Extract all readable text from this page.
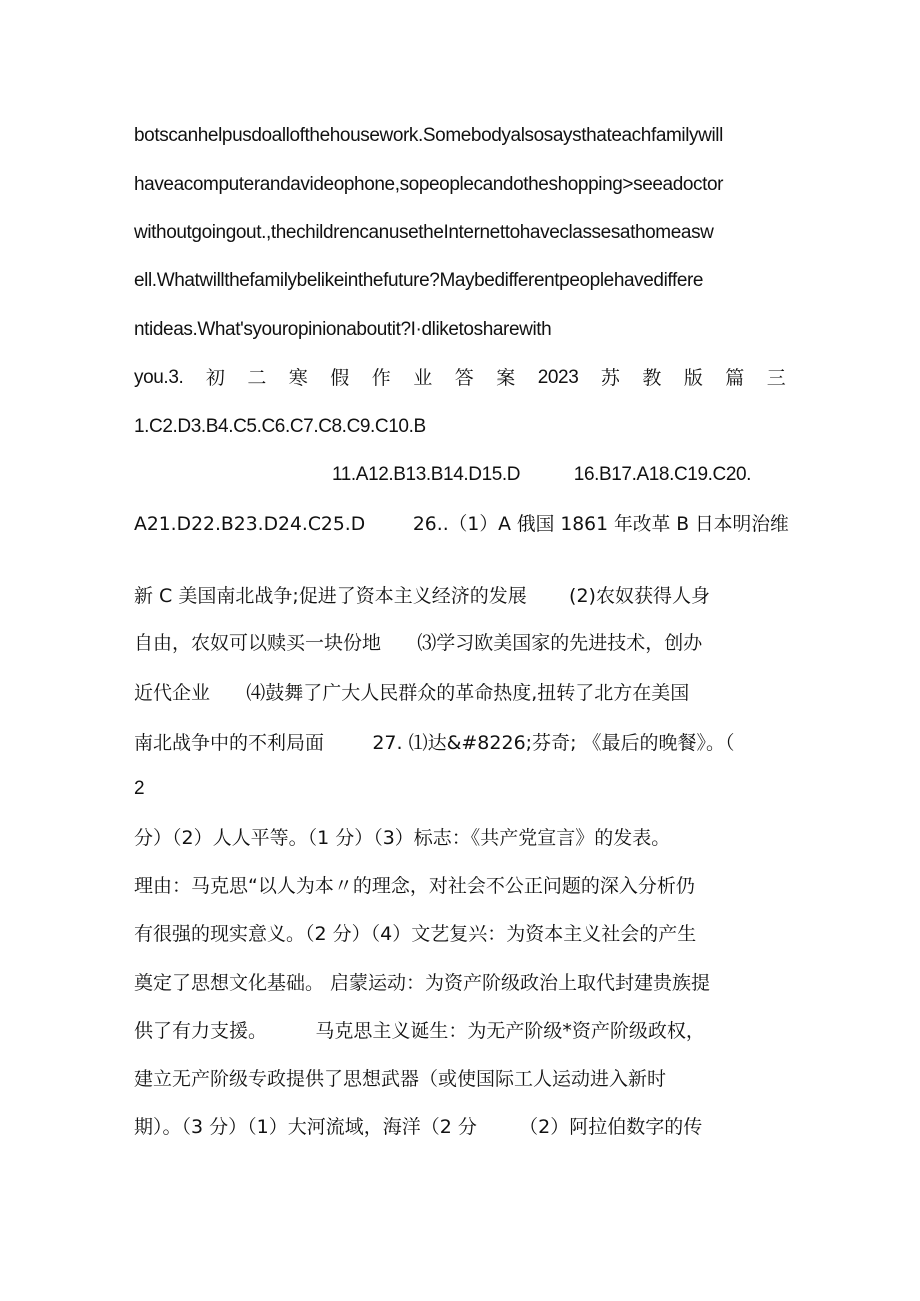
botscanhelpusdoallofthehousework.Somebodyalsosaysthateachfamilywill

haveacomputerandavideophone,sopeoplecandotheshopping>seeadoctor

withoutgoingout.,thechildrencanusetheInternettohaveclassesathomeasw

ell.Whatwillthefamilybelikeinthefuture?Maybedifferentpeoplehavediffere

ntideas.What'syouropinionaboutit?I·dliketosharewith

you.3. 初 二 寒 假 作 业 答 案 2023 苏 教 版 篇 三

1.C2.D3.B4.C5.C6.C7.C8.C9.C10.B

11.A12.B13.B14.D15.D           16.B17.A18.C19.C20.

A21.D22.B23.D24.C25.D        26..（1）A 俄国 1861 年改革 B 日本明治维

新 C 美国南北战争;促进了资本主义经济的发展       (2)农奴获得人身

自由，农奴可以赎买一块份地      ⑶学习欧美国家的先进技术，创办

近代企业      ⑷鼓舞了广大人民群众的革命热度,扭转了北方在美国

南北战争中的不利局面        27. ⑴达&#8226;芬奇; 《最后的晚餐》。（

2

分）（2）人人平等。（1 分）（3）标志：《共产党宣言》的发表。

理由：马克思“以人为本〃的理念，对社会不公正问题的深入分析仍

有很强的现实意义。（2 分）（4）文艺复兴：为资本主义社会的产生

奠定了思想文化基础。 启蒙运动：为资产阶级政治上取代封建贵族提

供了有力支援。        马克思主义诞生：为无产阶级*资产阶级政权，

建立无产阶级专政提供了思想武器（或使国际工人运动进入新时

期）。（3 分）（1）大河流域，海洋（2 分       （2）阿拉伯数字的传
